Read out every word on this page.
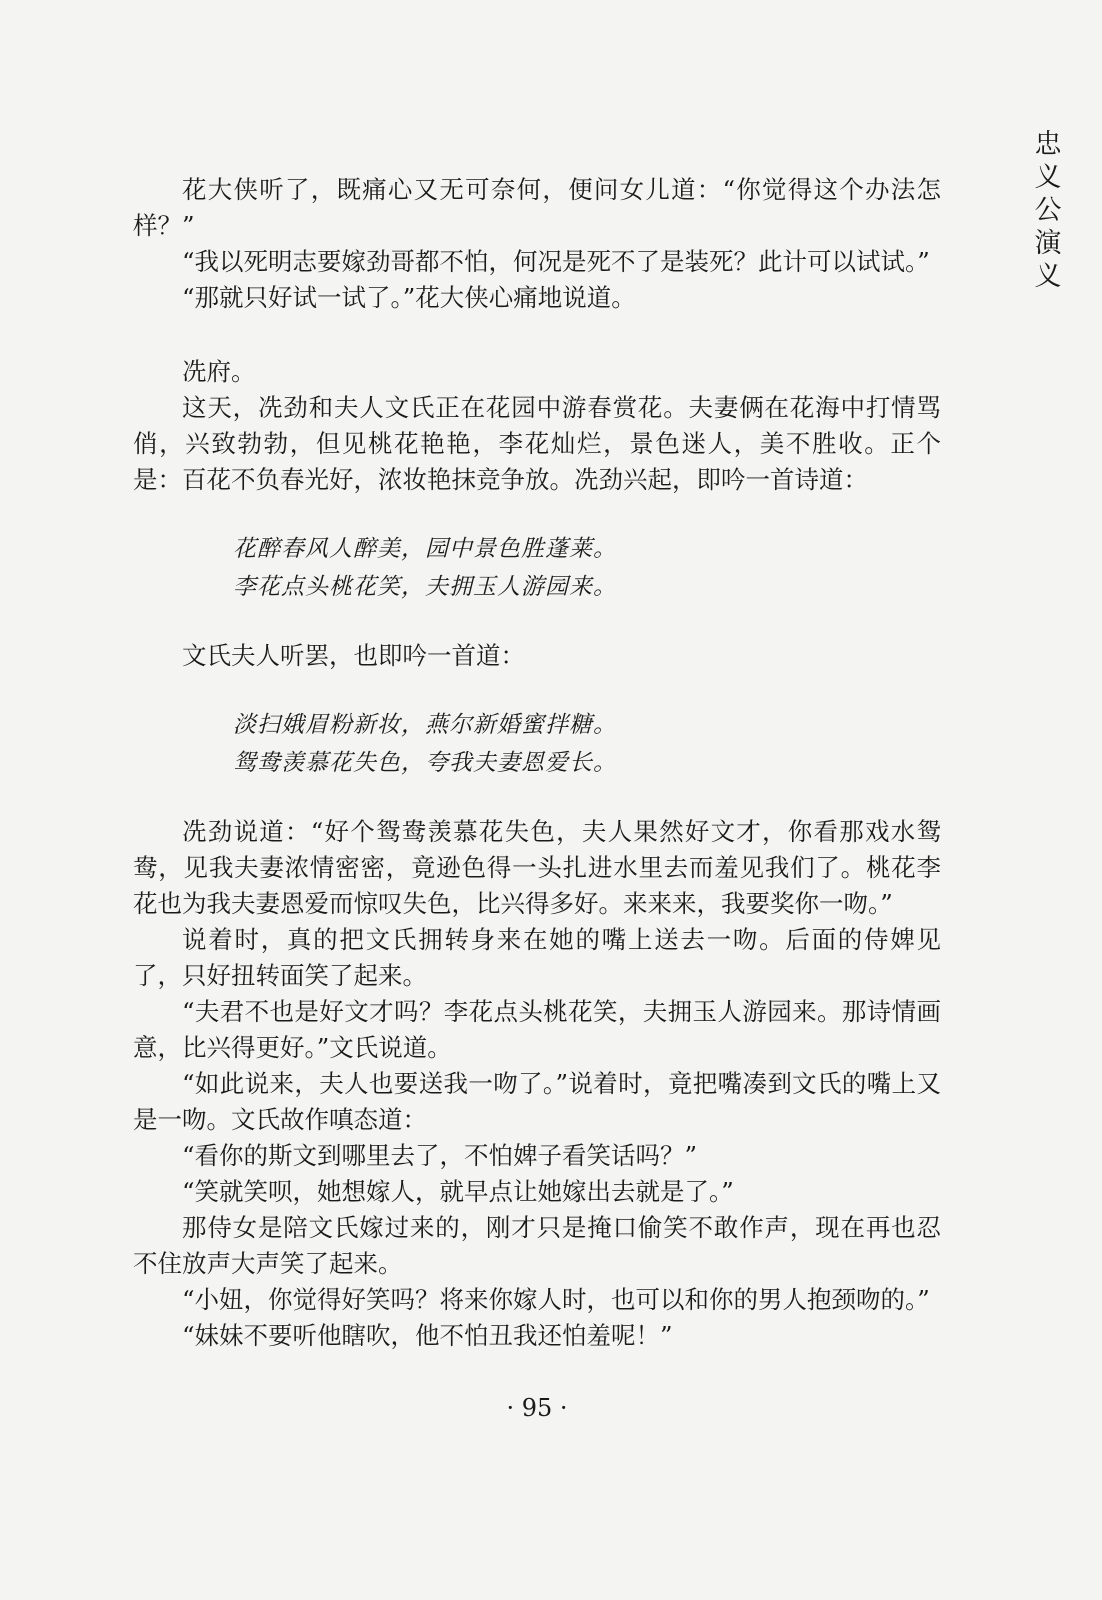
忠
义
公
演
义

花大侠听了，既痛心又无可奈何，便问女儿道：“你觉得这个办法怎样？”

“我以死明志要嫁劲哥都不怕，何况是死不了是装死？此计可以试试。”

“那就只好试一试了。”花大侠心痛地说道。

冼府。

这天，冼劲和夫人文氏正在花园中游春赏花。夫妻俩在花海中打情骂俏，兴致勃勃，但见桃花艳艳，李花灿烂，景色迷人，美不胜收。正个是：百花不负春光好，浓妆艳抹竞争放。冼劲兴起，即吟一首诗道：

花醉春风人醉美，园中景色胜蓬莱。

李花点头桃花笑，夫拥玉人游园来。

文氏夫人听罢，也即吟一首道：

淡扫娥眉粉新妆，燕尔新婚蜜拌糖。

鸳鸯羡慕花失色，夸我夫妻恩爱长。

冼劲说道：“好个鸳鸯羡慕花失色，夫人果然好文才，你看那戏水鸳鸯，见我夫妻浓情密密，竟逊色得一头扎进水里去而羞见我们了。桃花李花也为我夫妻恩爱而惊叹失色，比兴得多好。来来来，我要奖你一吻。”

说着时，真的把文氏拥转身来在她的嘴上送去一吻。后面的侍婢见了，只好扭转面笑了起来。

“夫君不也是好文才吗？李花点头桃花笑，夫拥玉人游园来。那诗情画意，比兴得更好。”文氏说道。

“如此说来，夫人也要送我一吻了。”说着时，竟把嘴凑到文氏的嘴上又是一吻。文氏故作嗔态道：

“看你的斯文到哪里去了，不怕婢子看笑话吗？”

“笑就笑呗，她想嫁人，就早点让她嫁出去就是了。”

那侍女是陪文氏嫁过来的，刚才只是掩口偷笑不敢作声，现在再也忍不住放声大声笑了起来。

“小妞，你觉得好笑吗？将来你嫁人时，也可以和你的男人抱颈吻的。”

“妹妹不要听他瞎吹，他不怕丑我还怕羞呢！”

· 95 ·
